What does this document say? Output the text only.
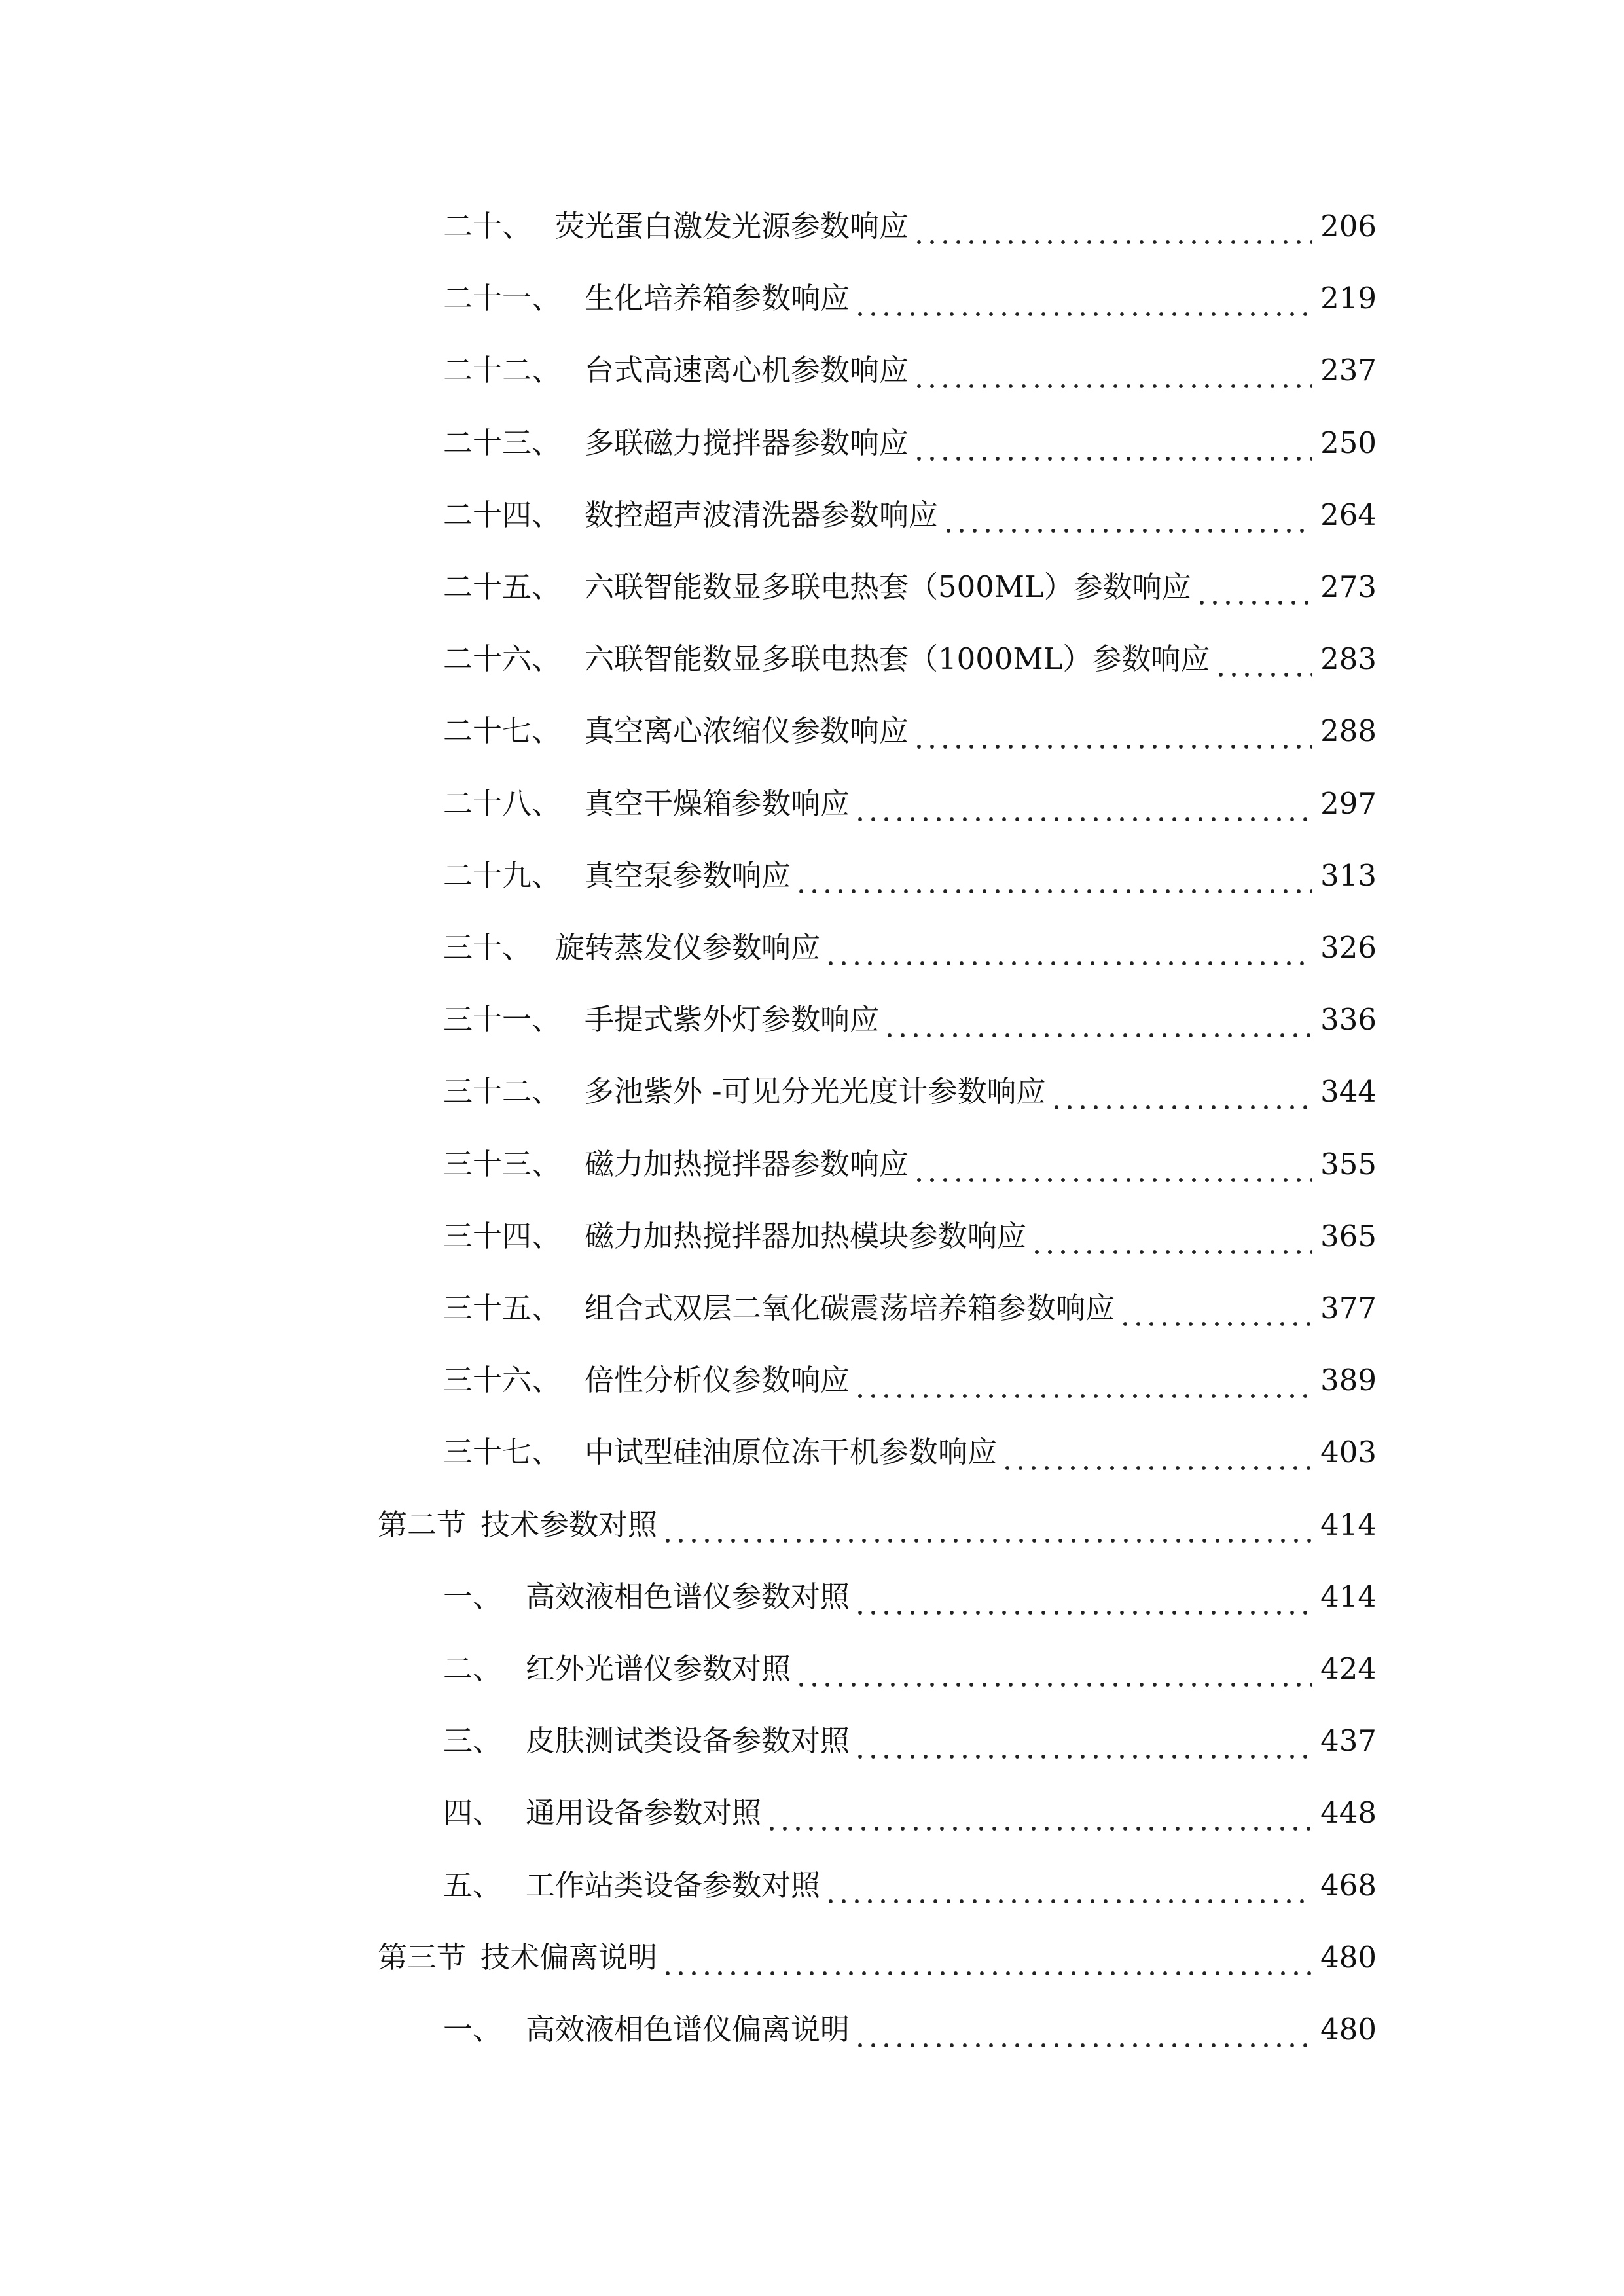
二十、 荧光蛋白激发光源参数响应	206
二十一、 生化培养箱参数响应	219
二十二、 台式高速离心机参数响应	237
二十三、 多联磁力搅拌器参数响应	250
二十四、 数控超声波清洗器参数响应	264
二十五、 六联智能数显多联电热套（500ML）参数响应	273
二十六、 六联智能数显多联电热套（1000ML）参数响应	283
二十七、 真空离心浓缩仪参数响应	288
二十八、 真空干燥箱参数响应	297
二十九、 真空泵参数响应	313
三十、 旋转蒸发仪参数响应	326
三十一、 手提式紫外灯参数响应	336
三十二、 多池紫外 -可见分光光度计参数响应	344
三十三、 磁力加热搅拌器参数响应	355
三十四、 磁力加热搅拌器加热模块参数响应	365
三十五、 组合式双层二氧化碳震荡培养箱参数响应	377
三十六、 倍性分析仪参数响应	389
三十七、 中试型硅油原位冻干机参数响应	403
第二节 技术参数对照	414
一、 高效液相色谱仪参数对照	414
二、 红外光谱仪参数对照	424
三、 皮肤测试类设备参数对照	437
四、 通用设备参数对照	448
五、 工作站类设备参数对照	468
第三节 技术偏离说明	480
一、 高效液相色谱仪偏离说明	480
